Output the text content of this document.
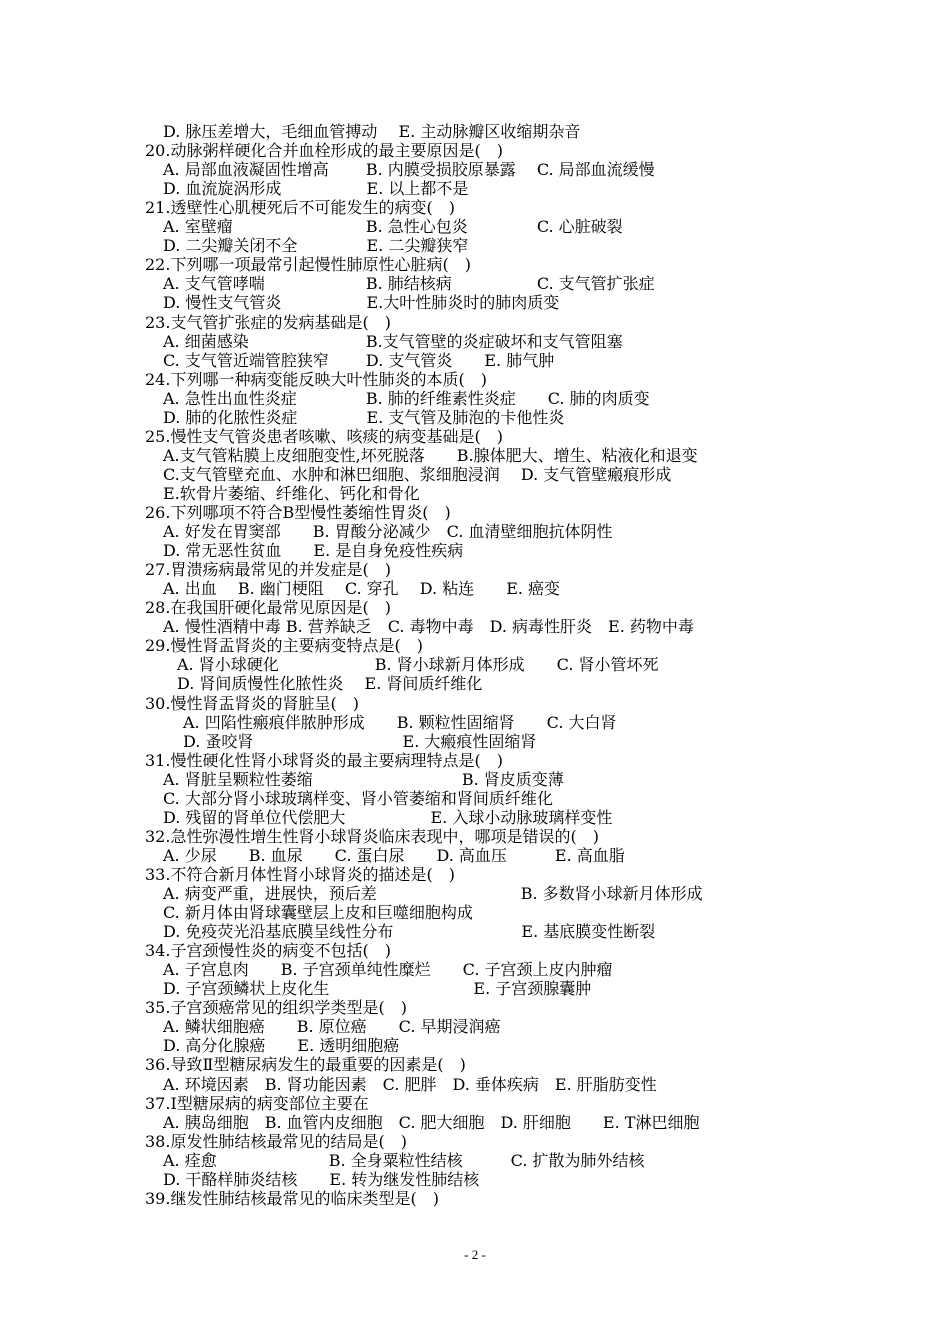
D. 脉压差增大，毛细血管搏动　 E. 主动脉瓣区收缩期杂音
20.动脉粥样硬化合并血栓形成的最主要原因是(　)
A. 局部血液凝固性增高　　 B. 内膜受损胶原暴露　 C. 局部血流缓慢
D. 血流旋涡形成　　　　　 E. 以上都不是
21.透壁性心肌梗死后不可能发生的病变(　)
A. 室壁瘤　　　　　　　　 B. 急性心包炎　　　　 C. 心脏破裂
D. 二尖瓣关闭不全　　　　 E. 二尖瓣狭窄
22.下列哪一项最常引起慢性肺原性心脏病(　)
A. 支气管哮喘　　　　　　 B. 肺结核病　　　　　 C. 支气管扩张症
D. 慢性支气管炎　　　　　 E.大叶性肺炎时的肺肉质变
23.支气管扩张症的发病基础是(　)
A. 细菌感染　　　　　　　 B.支气管壁的炎症破坏和支气管阻塞
C. 支气管近端管腔狭窄　　 D. 支气管炎　　E. 肺气肿
24.下列哪一种病变能反映大叶性肺炎的本质(　)
A. 急性出血性炎症　　　　 B. 肺的纤维素性炎症　　C. 肺的肉质变
D. 肺的化脓性炎症　　　　 E. 支气管及肺泡的卡他性炎
25.慢性支气管炎患者咳嗽、咳痰的病变基础是(　)
A.支气管粘膜上皮细胞变性,坏死脱落　　B.腺体肥大、增生、粘液化和退变
C.支气管壁充血、水肿和淋巴细胞、浆细胞浸润　 D. 支气管壁瘢痕形成
E.软骨片萎缩、纤维化、钙化和骨化
26.下列哪项不符合B型慢性萎缩性胃炎(　)
A. 好发在胃窦部　　B. 胃酸分泌减少　C. 血清壁细胞抗体阴性
D. 常无恶性贫血　　E. 是自身免疫性疾病
27.胃溃疡病最常见的并发症是(　)
A. 出血　 B. 幽门梗阻　 C. 穿孔　 D. 粘连　　E. 癌变
28.在我国肝硬化最常见原因是(　)
A. 慢性酒精中毒 B. 营养缺乏　C. 毒物中毒　D. 病毒性肝炎　E. 药物中毒
29.慢性肾盂肾炎的主要病变特点是(　)
A. 肾小球硬化　　　　　　B. 肾小球新月体形成　　C. 肾小管坏死
D. 肾间质慢性化脓性炎　 E. 肾间质纤维化
30.慢性肾盂肾炎的肾脏呈(　)
A. 凹陷性瘢痕伴脓肿形成　　B. 颗粒性固缩肾　　C. 大白肾
D. 蚤咬肾　　　　　　　　　 E. 大瘢痕性固缩肾
31.慢性硬化性肾小球肾炎的最主要病理特点是(　)
A. 肾脏呈颗粒性萎缩　　　　　　　　　 B. 肾皮质变薄
C. 大部分肾小球玻璃样变、肾小管萎缩和肾间质纤维化
D. 残留的肾单位代偿肥大　　　　　 E. 入球小动脉玻璃样变性
32.急性弥漫性增生性肾小球肾炎临床表现中，哪项是错误的(　)
A. 少尿　　B. 血尿　　C. 蛋白尿　　D. 高血压　　　E. 高血脂
33.不符合新月体性肾小球肾炎的描述是(　)
A. 病变严重，进展快，预后差　　　　　　　　　B. 多数肾小球新月体形成
C. 新月体由肾球囊壁层上皮和巨噬细胞构成
D. 免疫荧光沿基底膜呈线性分布　　　　　　　　E. 基底膜变性断裂
34.子宫颈慢性炎的病变不包括(　)
A. 子宫息肉　　B. 子宫颈单纯性糜烂　　C. 子宫颈上皮内肿瘤
D. 子宫颈鳞状上皮化生　　　　　　　　　E. 子宫颈腺囊肿
35.子宫颈癌常见的组织学类型是(　)
A. 鳞状细胞癌　　B. 原位癌　　C. 早期浸润癌
D. 高分化腺癌　　E. 透明细胞癌
36.导致Ⅱ型糖尿病发生的最重要的因素是(　)
A. 环境因素　B. 肾功能因素　C. 肥胖　D. 垂体疾病　E. 肝脂肪变性
37.I型糖尿病的病变部位主要在
A. 胰岛细胞　B. 血管内皮细胞　C. 肥大细胞　D. 肝细胞　　E. T淋巴细胞
38.原发性肺结核最常见的结局是(　)
A. 痊愈　　　　　　　B. 全身粟粒性结核　　　C. 扩散为肺外结核
D. 干酪样肺炎结核　　E. 转为继发性肺结核
39.继发性肺结核最常见的临床类型是(　)
- 2 -
